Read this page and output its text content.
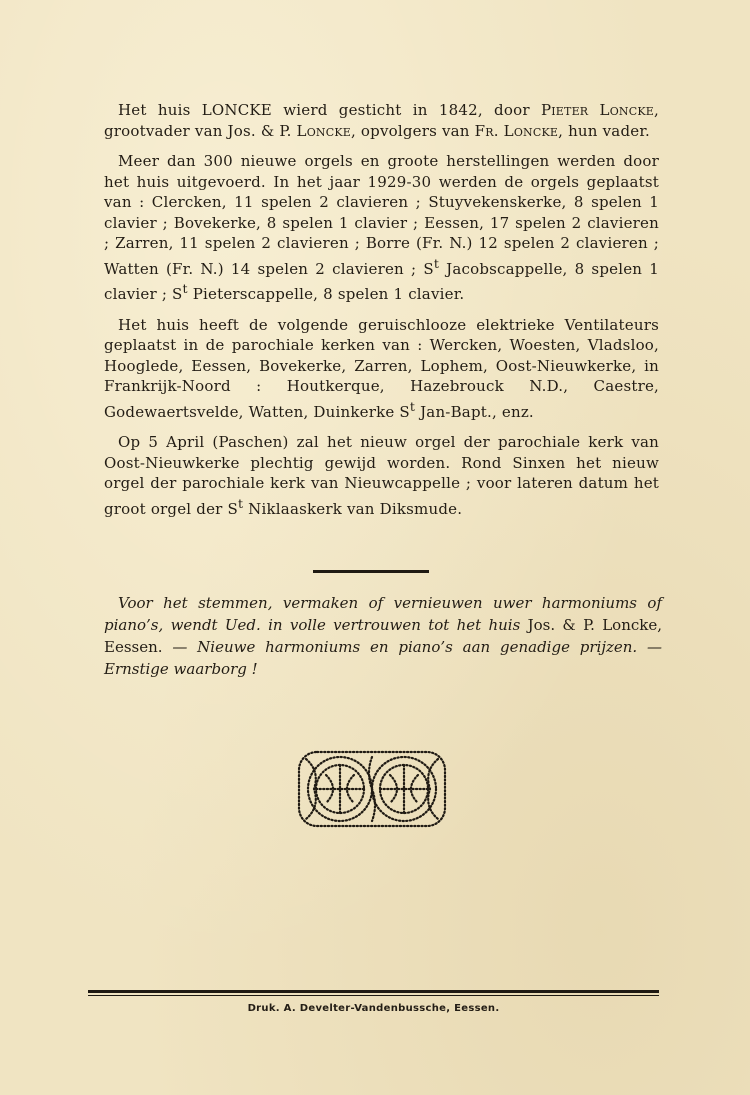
Het huis LONCKE wierd gesticht in 1842, door Pieter Loncke, grootvader van Jos. & P. Loncke, opvolgers van Fr. Loncke, hun vader.

Meer dan 300 nieuwe orgels en groote herstellingen werden door het huis uitgevoerd. In het jaar 1929-30 werden de orgels geplaatst van : Clercken, 11 spelen 2 clavieren ; Stuyvekenskerke, 8 spelen 1 clavier ; Bovekerke, 8 spelen 1 clavier ; Eessen, 17 spelen 2 clavieren ; Zarren, 11 spelen 2 clavieren ; Borre (Fr. N.) 12 spelen 2 clavieren ; Watten (Fr. N.) 14 spelen 2 clavieren ; $S^t$ Jacobscappelle, 8 spelen 1 clavier ; $S^t$ Pieterscappelle, 8 spelen 1 clavier.

Het huis heeft de volgende geruischlooze elektrieke Ventilateurs geplaatst in de parochiale kerken van : Wercken, Woesten, Vladsloo, Hooglede, Eessen, Bovekerke, Zarren, Lophem, Oost-Nieuwkerke, in Frankrijk-Noord : Houtkerque, Hazebrouck N.D., Caestre, Godewaertsvelde, Watten, Duinkerke $S^t$ Jan-Bapt., enz.

Op 5 April (Paschen) zal het nieuw orgel der parochiale kerk van Oost-Nieuwkerke plechtig gewijd worden. Rond Sinxen het nieuw orgel der parochiale kerk van Nieuwcappelle ; voor lateren datum het groot orgel der $S^t$ Niklaaskerk van Diksmude.

Voor het stemmen, vermaken of vernieuwen uwer harmoniums of piano’s, wendt Ued. in volle vertrouwen tot het huis Jos. & P. Loncke, Eessen. — Nieuwe harmoniums en piano’s aan genadige prijzen. — Ernstige waarborg !

Druk. A. Develter-Vandenbussche, Eessen.
